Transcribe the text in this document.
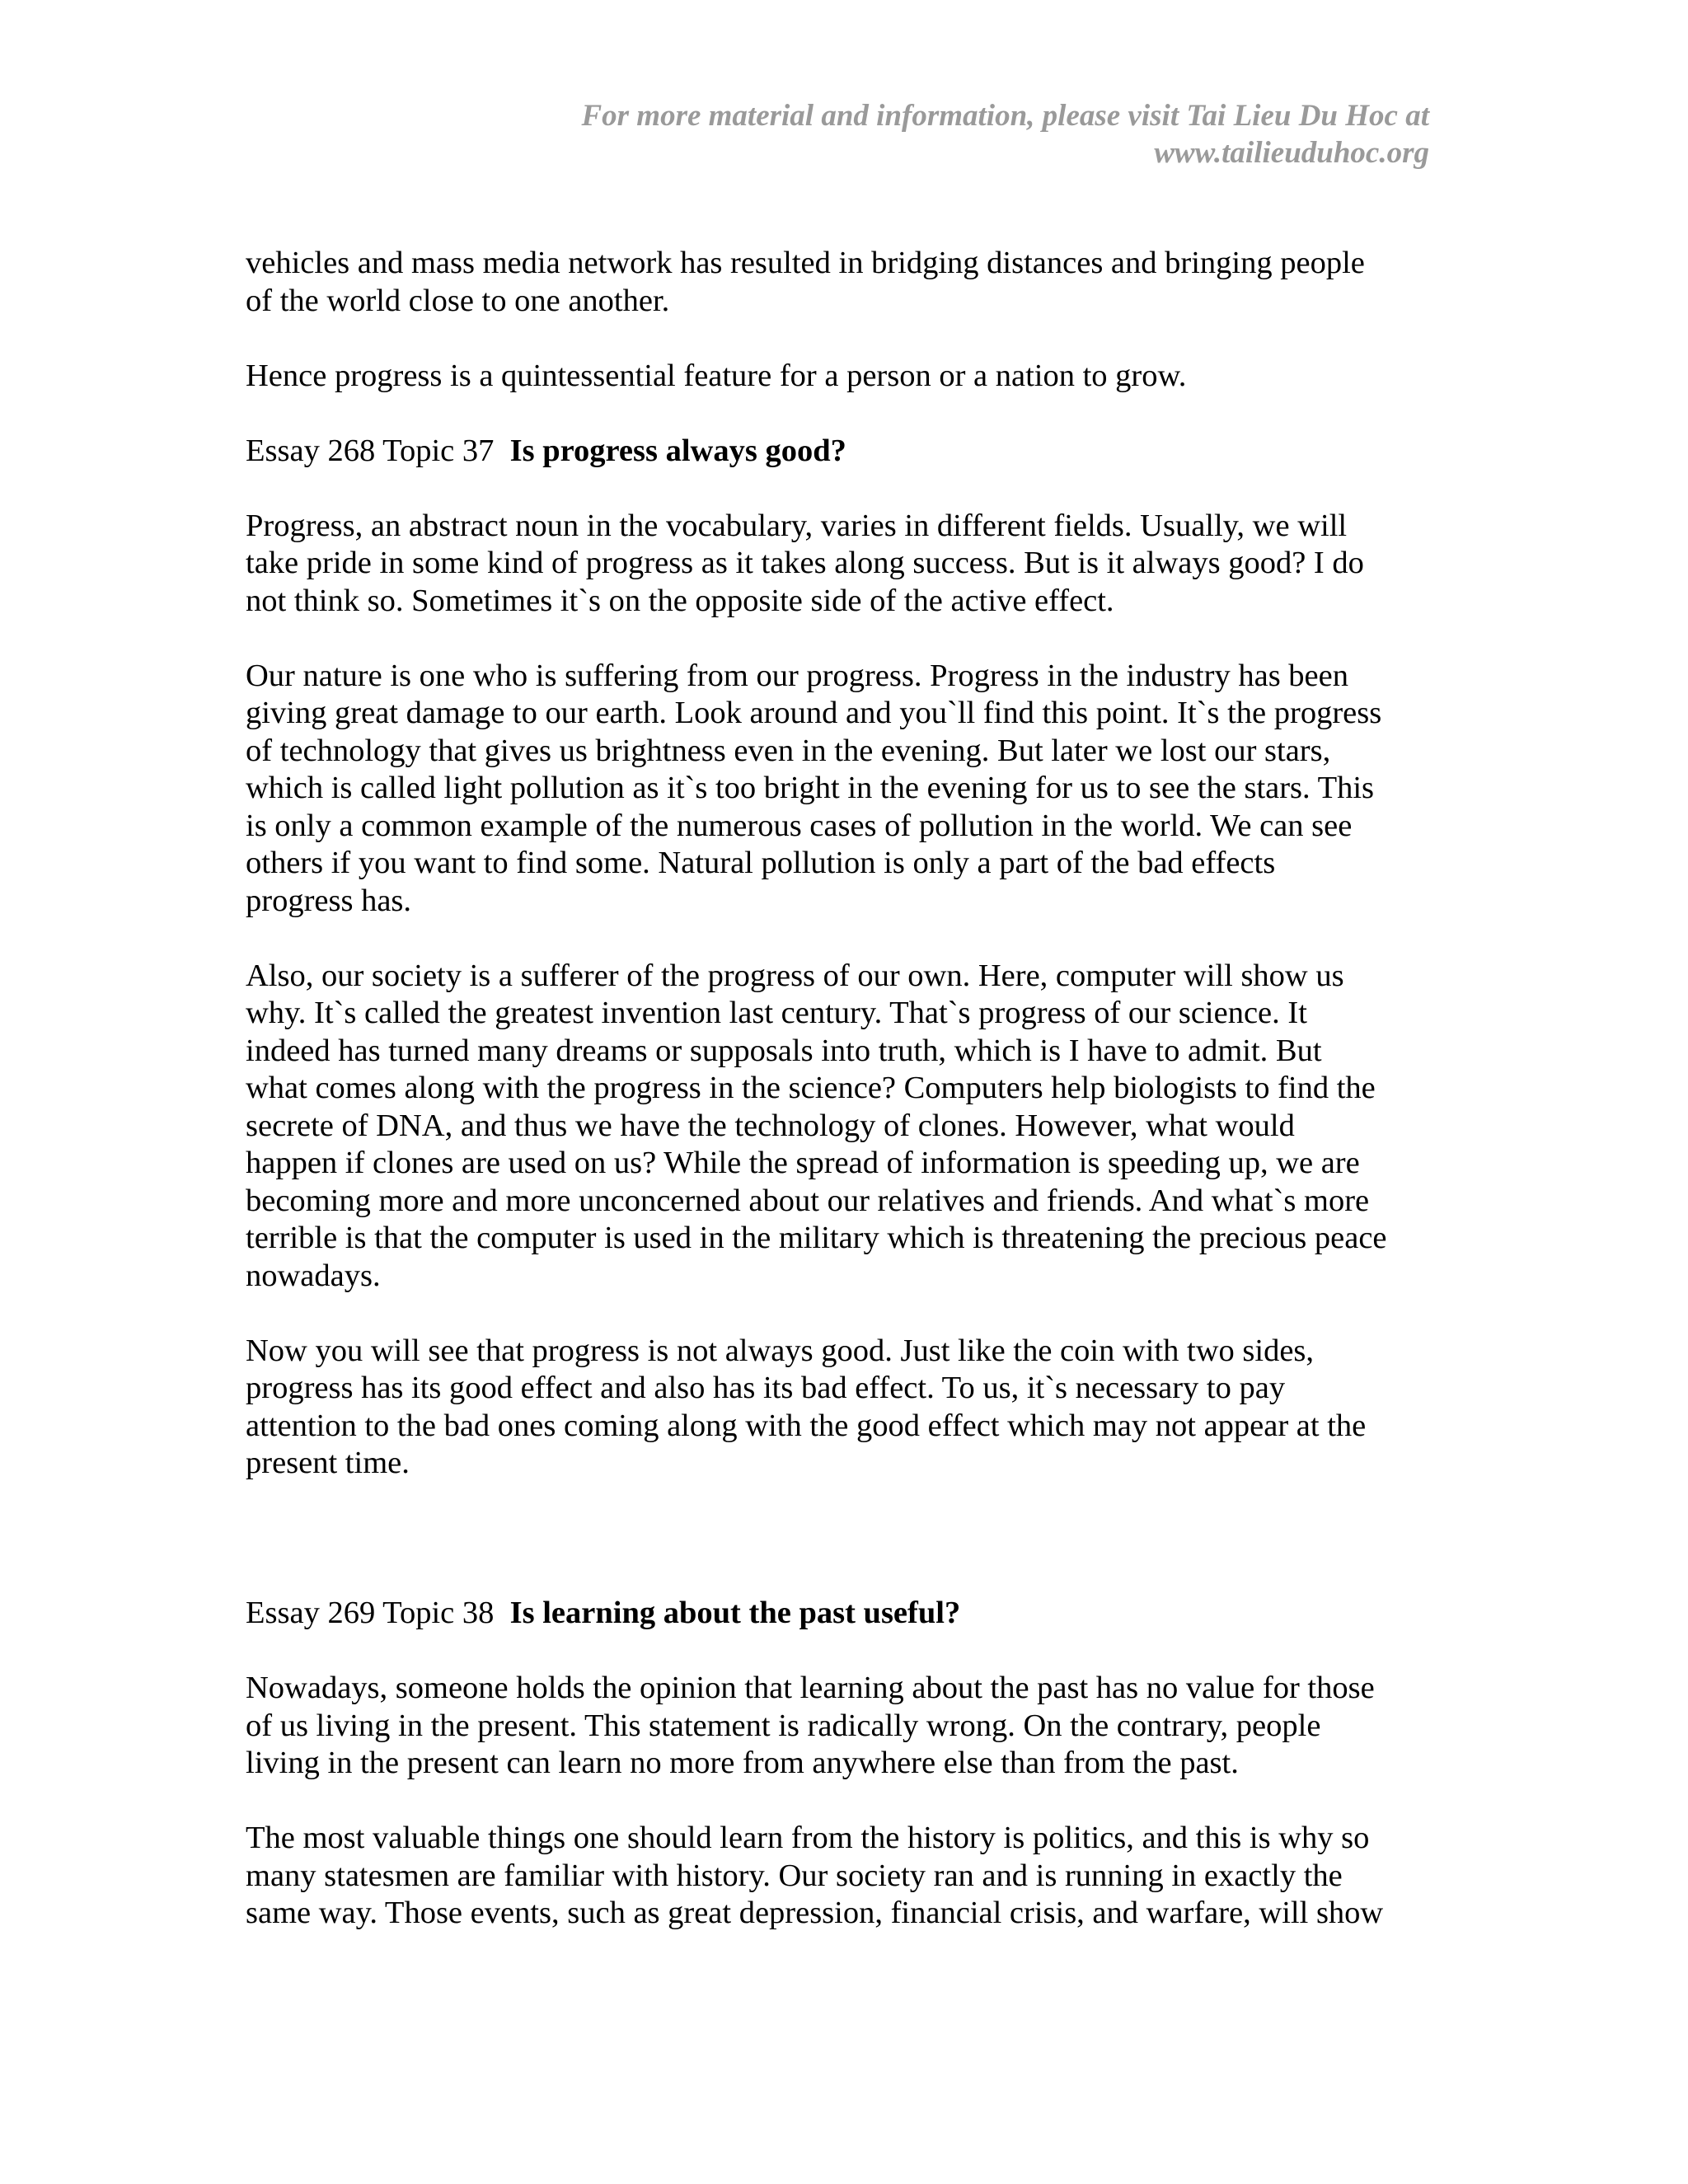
For more material and information, please visit Tai Lieu Du Hoc at
www.tailieuduhoc.org

vehicles and mass media network has resulted in bridging distances and bringing people
of the world close to one another.

Hence progress is a quintessential feature for a person or a nation to grow.

Essay 268 Topic 37 Is progress always good?

Progress, an abstract noun in the vocabulary, varies in different fields. Usually, we will
take pride in some kind of progress as it takes along success. But is it always good? I do
not think so. Sometimes it`s on the opposite side of the active effect.

Our nature is one who is suffering from our progress. Progress in the industry has been
giving great damage to our earth. Look around and you`ll find this point. It`s the progress
of technology that gives us brightness even in the evening. But later we lost our stars,
which is called light pollution as it`s too bright in the evening for us to see the stars. This
is only a common example of the numerous cases of pollution in the world. We can see
others if you want to find some. Natural pollution is only a part of the bad effects
progress has.

Also, our society is a sufferer of the progress of our own. Here, computer will show us
why. It`s called the greatest invention last century. That`s progress of our science. It
indeed has turned many dreams or supposals into truth, which is I have to admit. But
what comes along with the progress in the science? Computers help biologists to find the
secrete of DNA, and thus we have the technology of clones. However, what would
happen if clones are used on us? While the spread of information is speeding up, we are
becoming more and more unconcerned about our relatives and friends. And what`s more
terrible is that the computer is used in the military which is threatening the precious peace
nowadays.

Now you will see that progress is not always good. Just like the coin with two sides,
progress has its good effect and also has its bad effect. To us, it`s necessary to pay
attention to the bad ones coming along with the good effect which may not appear at the
present time.

Essay 269 Topic 38 Is learning about the past useful?

Nowadays, someone holds the opinion that learning about the past has no value for those
of us living in the present. This statement is radically wrong. On the contrary, people
living in the present can learn no more from anywhere else than from the past.

The most valuable things one should learn from the history is politics, and this is why so
many statesmen are familiar with history. Our society ran and is running in exactly the
same way. Those events, such as great depression, financial crisis, and warfare, will show
